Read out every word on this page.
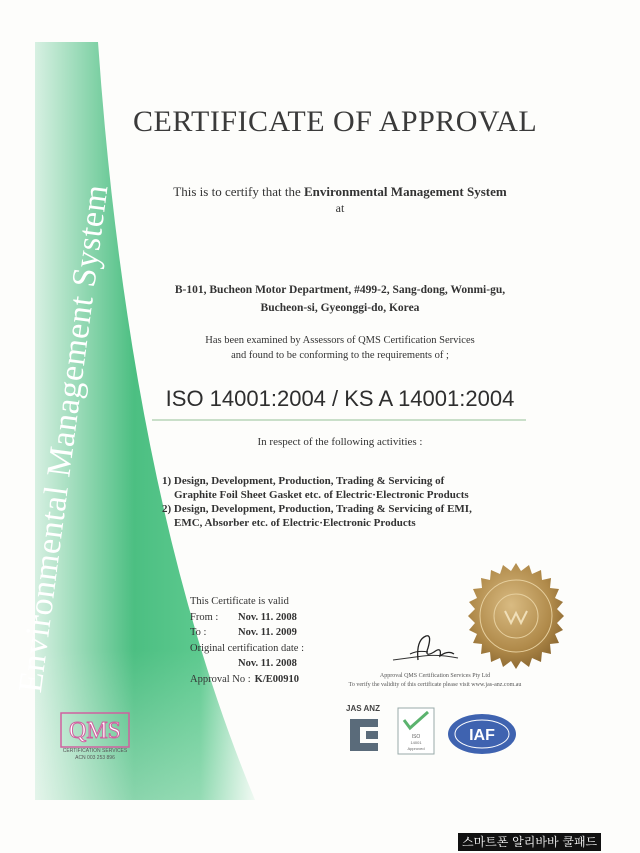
Environmental Management System
CERTIFICATE OF APPROVAL
This is to certify that the Environmental Management System
at
B-101, Bucheon Motor Department, #499-2, Sang-dong, Wonmi-gu,
Bucheon-si, Gyeonggi-do, Korea
Has been examined by Assessors of QMS Certification Services
and found to be conforming to the requirements of ;
ISO 14001:2004 / KS A 14001:2004
In respect of the following activities :
1) Design, Development, Production, Trading & Servicing of
Graphite Foil Sheet Gasket etc. of Electric·Electronic Products
2) Design, Development, Production, Trading & Servicing of EMI,
EMC, Absorber etc. of Electric·Electronic Products
This Certificate is valid
From :	Nov. 11. 2008
To :	Nov. 11. 2009
Original certification date :
Nov. 11. 2008
Approval No : K/E00910	Approval QMS Certification Services Pty Ltd
To verify the validity of this certificate please visit www.jas-anz.com.au
QMS
CERTIFICATION SERVICES
ACN 003 253 896
JAS ANZ
ISO
14001
Approved
IAF
스마트폰 알리바바 쿨패드
